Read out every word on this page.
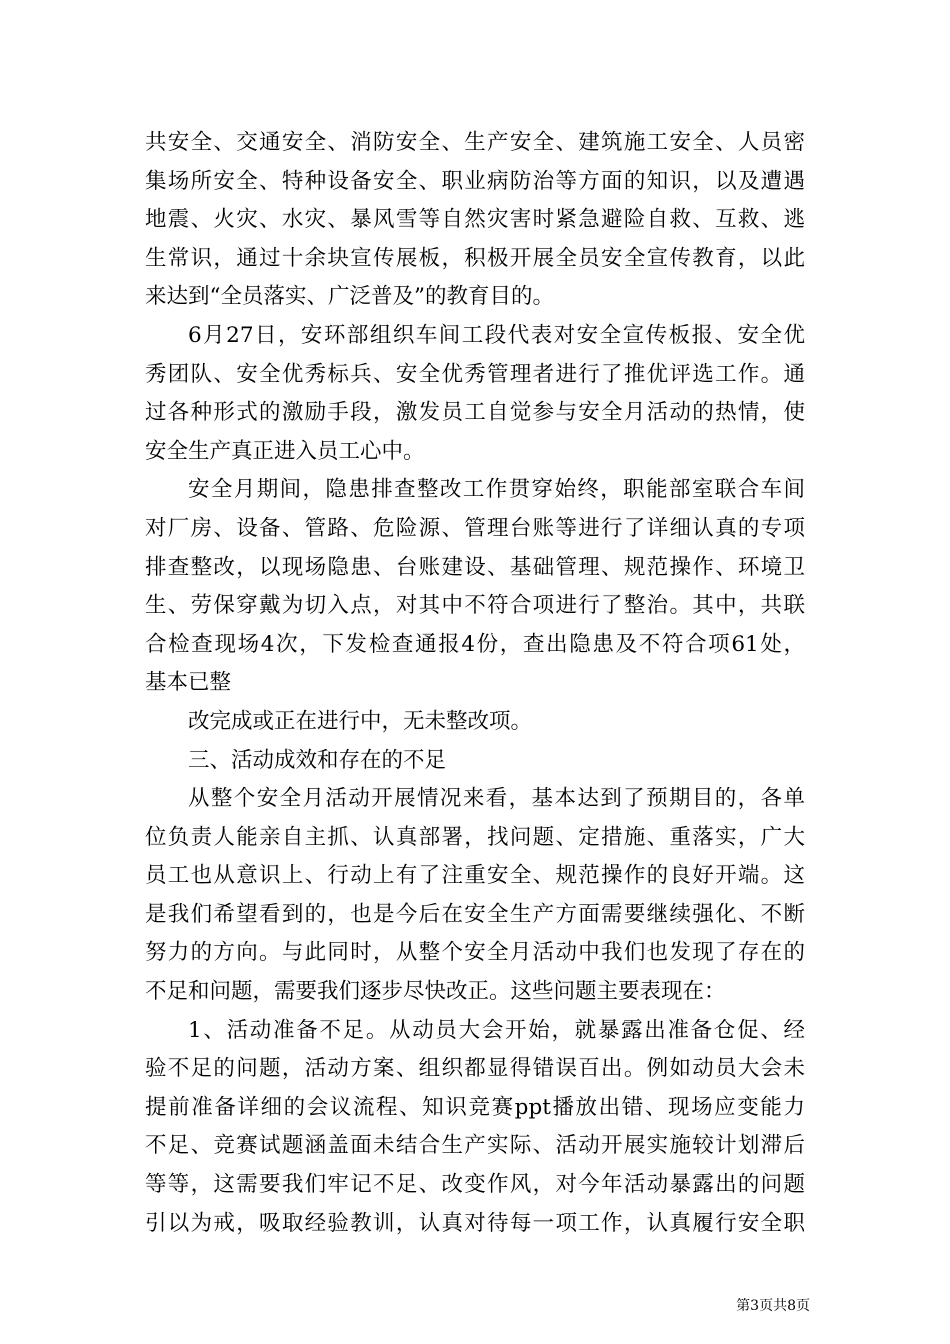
共安全、交通安全、消防安全、生产安全、建筑施工安全、人员密
集场所安全、特种设备安全、职业病防治等方面的知识，以及遭遇
地震、火灾、水灾、暴风雪等自然灾害时紧急避险自救、互救、逃
生常识，通过十余块宣传展板，积极开展全员安全宣传教育，以此
来达到“全员落实、广泛普及”的教育目的。
6月27日，安环部组织车间工段代表对安全宣传板报、安全优
秀团队、安全优秀标兵、安全优秀管理者进行了推优评选工作。通
过各种形式的激励手段，激发员工自觉参与安全月活动的热情，使
安全生产真正进入员工心中。
安全月期间，隐患排查整改工作贯穿始终，职能部室联合车间
对厂房、设备、管路、危险源、管理台账等进行了详细认真的专项
排查整改，以现场隐患、台账建设、基础管理、规范操作、环境卫
生、劳保穿戴为切入点，对其中不符合项进行了整治。其中，共联
合检查现场4次，下发检查通报4份，查出隐患及不符合项61处，
基本已整
改完成或正在进行中，无未整改项。
三、活动成效和存在的不足
从整个安全月活动开展情况来看，基本达到了预期目的，各单
位负责人能亲自主抓、认真部署，找问题、定措施、重落实，广大
员工也从意识上、行动上有了注重安全、规范操作的良好开端。这
是我们希望看到的，也是今后在安全生产方面需要继续强化、不断
努力的方向。与此同时，从整个安全月活动中我们也发现了存在的
不足和问题，需要我们逐步尽快改正。这些问题主要表现在：
1、活动准备不足。从动员大会开始，就暴露出准备仓促、经
验不足的问题，活动方案、组织都显得错误百出。例如动员大会未
提前准备详细的会议流程、知识竞赛ppt播放出错、现场应变能力
不足、竞赛试题涵盖面未结合生产实际、活动开展实施较计划滞后
等等，这需要我们牢记不足、改变作风，对今年活动暴露出的问题
引以为戒，吸取经验教训，认真对待每一项工作，认真履行安全职
第3页共8页
